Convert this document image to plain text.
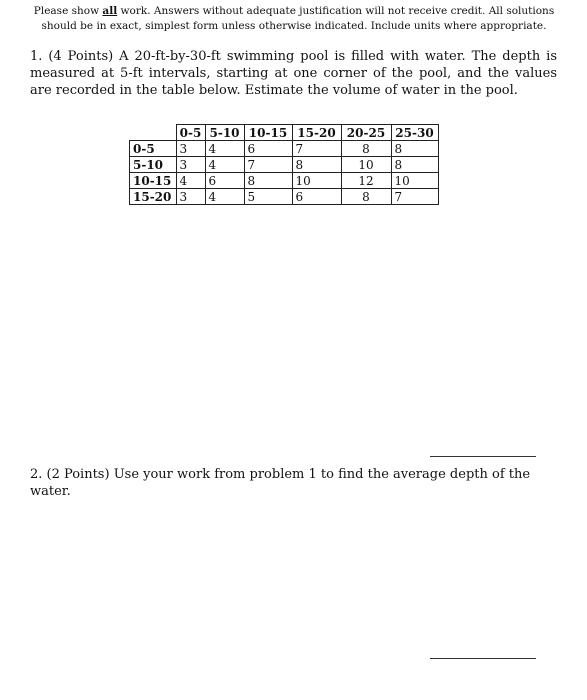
Please show all work. Answers without adequate justification will not receive credit. All solutions should be in exact, simplest form unless otherwise indicated. Include units where appropriate.
1. (4 Points) A 20-ft-by-30-ft swimming pool is filled with water. The depth is measured at 5-ft intervals, starting at one corner of the pool, and the values are recorded in the table below. Estimate the volume of water in the pool.
	0-5	5-10	10-15	15-20	20-25	25-30
0-5	3	4	6	7	8	8
5-10	3	4	7	8	10	8
10-15	4	6	8	10	12	10
15-20	3	4	5	6	8	7
2. (2 Points) Use your work from problem 1 to find the average depth of the water.
